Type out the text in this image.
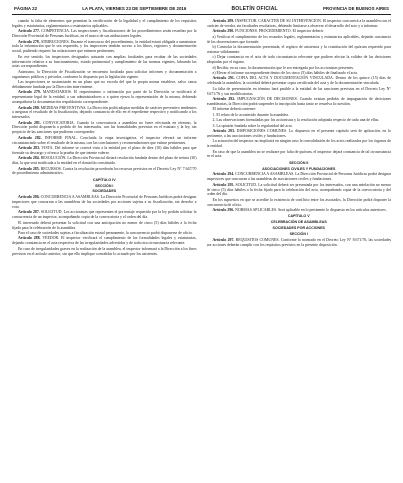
PÁGINA 22	LA PLATA, VIERNES 23 DE SEPTIEMBRE DE 2016	BOLETÍN OFICIAL	PROVINCIA DE BUENOS AIRES

cuando la falta de elementos que permitan la certificación de la legalidad y el cumplimiento de los requisitos legales y estatutarios, reglamentarios o estatutarios aplicables.

Artículo 277. COMPETENCIA. Las inspecciones y fiscalizaciones de los procedimientos serán resueltas por la Dirección Provincial de Personas Jurídicas, en el marco de sus atribuciones legales.

Artículo 278. ATRIBUCIONES. Durante el transcurso del procedimiento, la entidad estará obligada a suministrar toda la información que le sea requerida, y los inspectores tendrán acceso a los libros, registros y documentación social, pudiendo requerir las aclaraciones que estimen pertinentes.

En ese sentido, los inspectores designados actuarán con amplias facultades para recabar de las sociedades información relativa a su funcionamiento, estado patrimonial y cumplimiento de las normas vigentes, labrando las actas correspondientes.

Asimismo, la Dirección de Fiscalización se encuentra facultada para solicitar informes y documentación a organismos públicos y privados, conforme lo dispuesto por la legislación vigente.

Las inspecciones se sustanciarán en un plazo que no exceda del que la propia norma establece, salvo causa debidamente fundada por la Dirección interviniente.

Artículo 279. MANDATARIOS. El requerimiento o intimación por parte de la Dirección se notificará al representante legal de la entidad, a sus administradores o a quien ejerza la representación de la misma, debiendo acompañarse la documentación respaldatoria correspondiente.

Artículo 280. MEDIDAS PREVENTIVAS. La Dirección podrá adoptar medidas de carácter preventivo tendientes a asegurar el resultado de la fiscalización, dejando constancia de ello en el expediente respectivo y notificando a los interesados.

Artículo 281. CONVOCATORIA. Cuando la convocatoria a asamblea no fuere efectuada en término, la Dirección podrá disponerla a pedido de los interesados, con las formalidades previstas en el estatuto y la ley, sin perjuicio de las sanciones que pudieran corresponder.

Artículo 282. INFORME FINAL. Concluida la etapa investigativa, el inspector elevará un informe circunstanciado sobre el resultado de la misma, con las conclusiones y recomendaciones que estime pertinentes.

Artículo 283. VISTA. Del informe se correrá vista a la entidad por el plazo de diez (10) días hábiles para que formule su descargo y ofrezca la prueba de que intente valerse.

Artículo 284. RESOLUCIÓN. La Dirección Provincial dictará resolución fundada dentro del plazo de treinta (30) días, la que será notificada a la entidad en el domicilio constituido.

Artículo 285. RECURSOS. Contra la resolución procederán los recursos previstos en el Decreto Ley N° 7.647/70 de procedimiento administrativo.

CAPÍTULO IV
SECCIÓN I
SOCIEDADES

Artículo 286. CONCURRENCIA A ASAMBLEAS. La Dirección Provincial de Personas Jurídicas podrá designar inspectores que concurran a las asambleas de las sociedades por acciones sujetas a su fiscalización, sin derecho a voto.

Artículo 287. SOLICITUD. Los accionistas que representen el porcentaje requerido por la ley podrán solicitar la concurrencia de un inspector, acompañando copia de la convocatoria y el orden del día.

El interesado deberá presentar la solicitud con una anticipación no menor de cinco (5) días hábiles a la fecha fijada para la celebración de la asamblea.

Para el caso de sociedades sujetas a fiscalización estatal permanente, la concurrencia podrá disponerse de oficio.

Artículo 288. VEEDOR. El inspector verificará el cumplimiento de las formalidades legales y estatutarias, dejando constancia en el acta respectiva de las irregularidades advertidas y de toda otra circunstancia relevante.

En caso de irregularidades graves en la realización de la asamblea, el inspector informará a la Dirección a los fines previstos en el artículo anterior, sin que ello implique convalidar lo actuado por los asistentes.

Artículo 289. INSPECTOR. CARÁCTER DE SU INTERVENCIÓN. El inspector concurrirá a la asamblea con el carácter de veedor, sin facultades resolutivas, debiendo limitarse a observar el desarrollo del acto y a informar.

Artículo 290. FUNCIONES. PROCEDIMIENTO. El inspector deberá:

a) Verificar el cumplimiento de los recaudos legales, reglamentarios y estatutarios aplicables, dejando constancia de las observaciones que formule.

b) Controlar la documentación presentada, el registro de asistencia y la constitución del quórum requerido para sesionar válidamente.

c) Dejar constancia en el acta de toda circunstancia relevante que pudiere afectar la validez de las decisiones adoptadas por el órgano.

d) Recibir, en su caso, la documentación que le sea entregada por los accionistas presentes.

e) Elevar el informe correspondiente dentro de los cinco (5) días hábiles de finalizado el acto.

Artículo 291. COPIA DEL ACTA Y DOCUMENTACIÓN VINCULADA. Dentro de los quince (15) días de celebrada la asamblea, la sociedad deberá presentar copia certificada del acta y de la documentación vinculada.

La falta de presentación en término hará pasible a la entidad de las sanciones previstas en el Decreto Ley N° 8.671/76 y sus modificatorias.

Artículo 292. IMPUGNACIÓN DE DECISIONES. Cuando existan pedidos de impugnación de decisiones asamblearias, la Dirección podrá suspender la inscripción hasta tanto se resuelva la cuestión.

El informe deberá contener:

1. El relato de lo acontecido durante la asamblea.

2. Las observaciones formuladas por los accionistas y la resolución adoptada respecto de cada una de ellas.

3. La opinión fundada sobre la regularidad del acto.

Artículo 293. DISPOSICIONES COMUNES. Lo dispuesto en el presente capítulo será de aplicación, en lo pertinente, a las asociaciones civiles y fundaciones.

La actuación del inspector no implicará en ningún caso la convalidación de los actos realizados por los órganos de la entidad.

En caso de que la asamblea no se realizare por falta de quórum, el inspector dejará constancia de tal circunstancia en el acta.

SECCIÓN II
ASOCIACIONES CIVILES Y FUNDACIONES

Artículo 294. CONCURRENCIA A ASAMBLEAS. La Dirección Provincial de Personas Jurídicas podrá designar inspectores que concurran a las asambleas de asociaciones civiles y fundaciones.

Artículo 295. SOLICITUD. La solicitud deberá ser presentada por los interesados, con una antelación no menor de cinco (5) días hábiles a la fecha fijada para la celebración del acto, acompañando copia de la convocatoria y del orden del día.

En los supuestos en que se acredite la existencia de conflicto entre los asociados, la Dirección podrá disponer la concurrencia de oficio.

Artículo 296. NORMAS APLICABLES. Será aplicable en lo pertinente lo dispuesto en los artículos anteriores.

CAPÍTULO V
CELEBRACIÓN DE ASAMBLEAS
SOCIEDADES POR ACCIONES
SECCIÓN I

Artículo 297. REQUISITOS COMUNES. Conforme lo normado en el Decreto Ley N° 8.671/76, las sociedades por acciones deberán cumplir con los requisitos previstos en la presente disposición.
